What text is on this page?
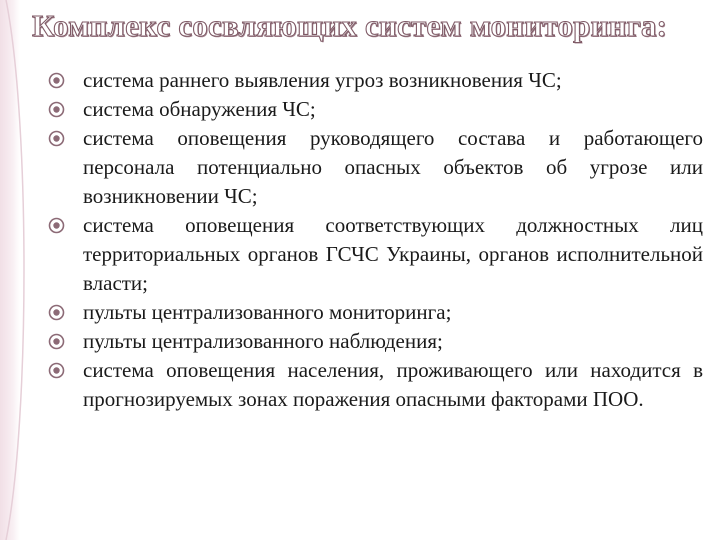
Комплекс сосвляющих систем мониторинга:
система раннего выявления угроз возникновения ЧС;
система обнаружения ЧС;
система оповещения руководящего состава и работающего персонала потенциально опасных объектов об угрозе или возникновении ЧС;
система оповещения соответствующих должностных лиц территориальных органов ГСЧС Украины, органов исполнительной власти;
пульты централизованного мониторинга;
пульты централизованного наблюдения;
система оповещения населения, проживающего или находится в прогнозируемых зонах поражения опасными факторами ПОО.
